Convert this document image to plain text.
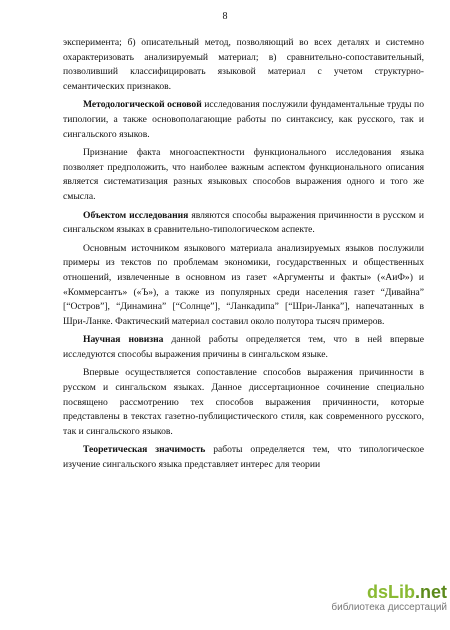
8

эксперимента; б) описательный метод, позволяющий во всех деталях и системно охарактеризовать анализируемый материал; в) сравнительно-сопоставительный, позволивший классифицировать языковой материал с учетом структурно-семантических признаков.

Методологической основой исследования послужили фундаментальные труды по типологии, а также основополагающие работы по синтаксису, как русского, так и сингальского языков.

Признание факта многоаспектности функционального исследования языка позволяет предположить, что наиболее важным аспектом функционального описания является систематизация разных языковых способов выражения одного и того же смысла.

Объектом исследования являются способы выражения причинности в русском и сингальском языках в сравнительно-типологическом аспекте.

Основным источником языкового материала анализируемых языков послужили примеры из текстов по проблемам экономики, государственных и общественных отношений, извлеченные в основном из газет «Аргументы и факты» («АиФ») и «Коммерсантъ» («Ъ»), а также из популярных среди населения газет “Дивайна” [“Остров”], “Динамина” [“Солнце”], “Ланкадипа” [“Шри-Ланка”], напечатанных в Шри-Ланке. Фактический материал составил около полутора тысяч примеров.

Научная новизна данной работы определяется тем, что в ней впервые исследуются способы выражения причины в сингальском языке.

Впервые осуществляется сопоставление способов выражения причинности в русском и сингальском языках. Данное диссертационное сочинение специально посвящено рассмотрению тех способов выражения причинности, которые представлены в текстах газетно-публицистического стиля, как современного русского, так и сингальского языков.

Теоретическая значимость работы определяется тем, что типологическое изучение сингальского языка представляет интерес для теории

dsLib.net
библиотека диссертаций
